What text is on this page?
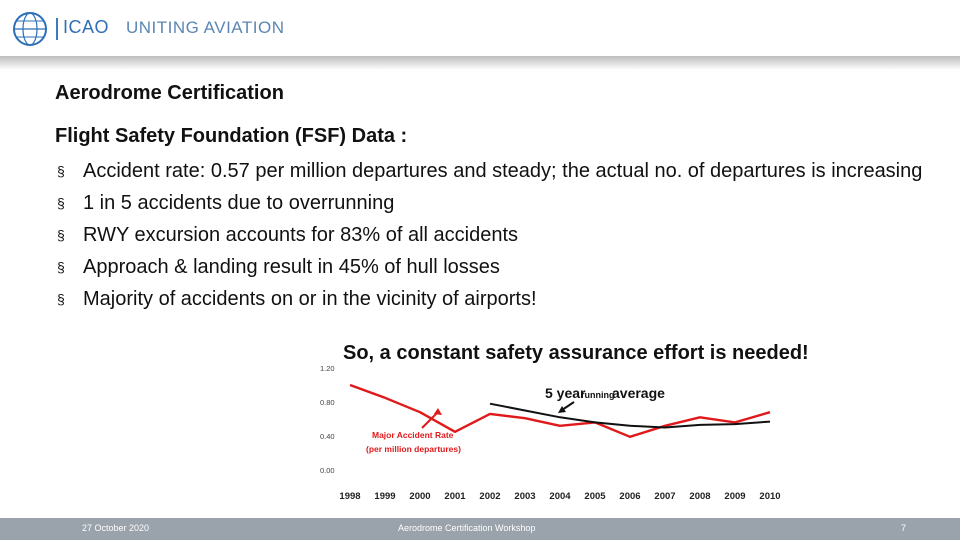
ICAO UNITING AVIATION
Aerodrome Certification
Flight Safety Foundation (FSF) Data :
§ Accident rate: 0.57 per million departures and steady; the actual no. of departures is increasing
§ 1 in 5 accidents due to overrunning
§ RWY excursion accounts for 83% of all accidents
§ Approach & landing result in 45% of hull losses
§ Majority of accidents on or in the vicinity of airports!
1.20
0.80
0.40
0.00
1998 1999 2000 2001 2002 2003 2004 2005 2006 2007 2008 2009 2010
Major Accident Rate
(per million departures)
5 year
running
average
So, a constant safety assurance effort is needed!
27 October 2020	Aerodrome Certification Workshop	7
